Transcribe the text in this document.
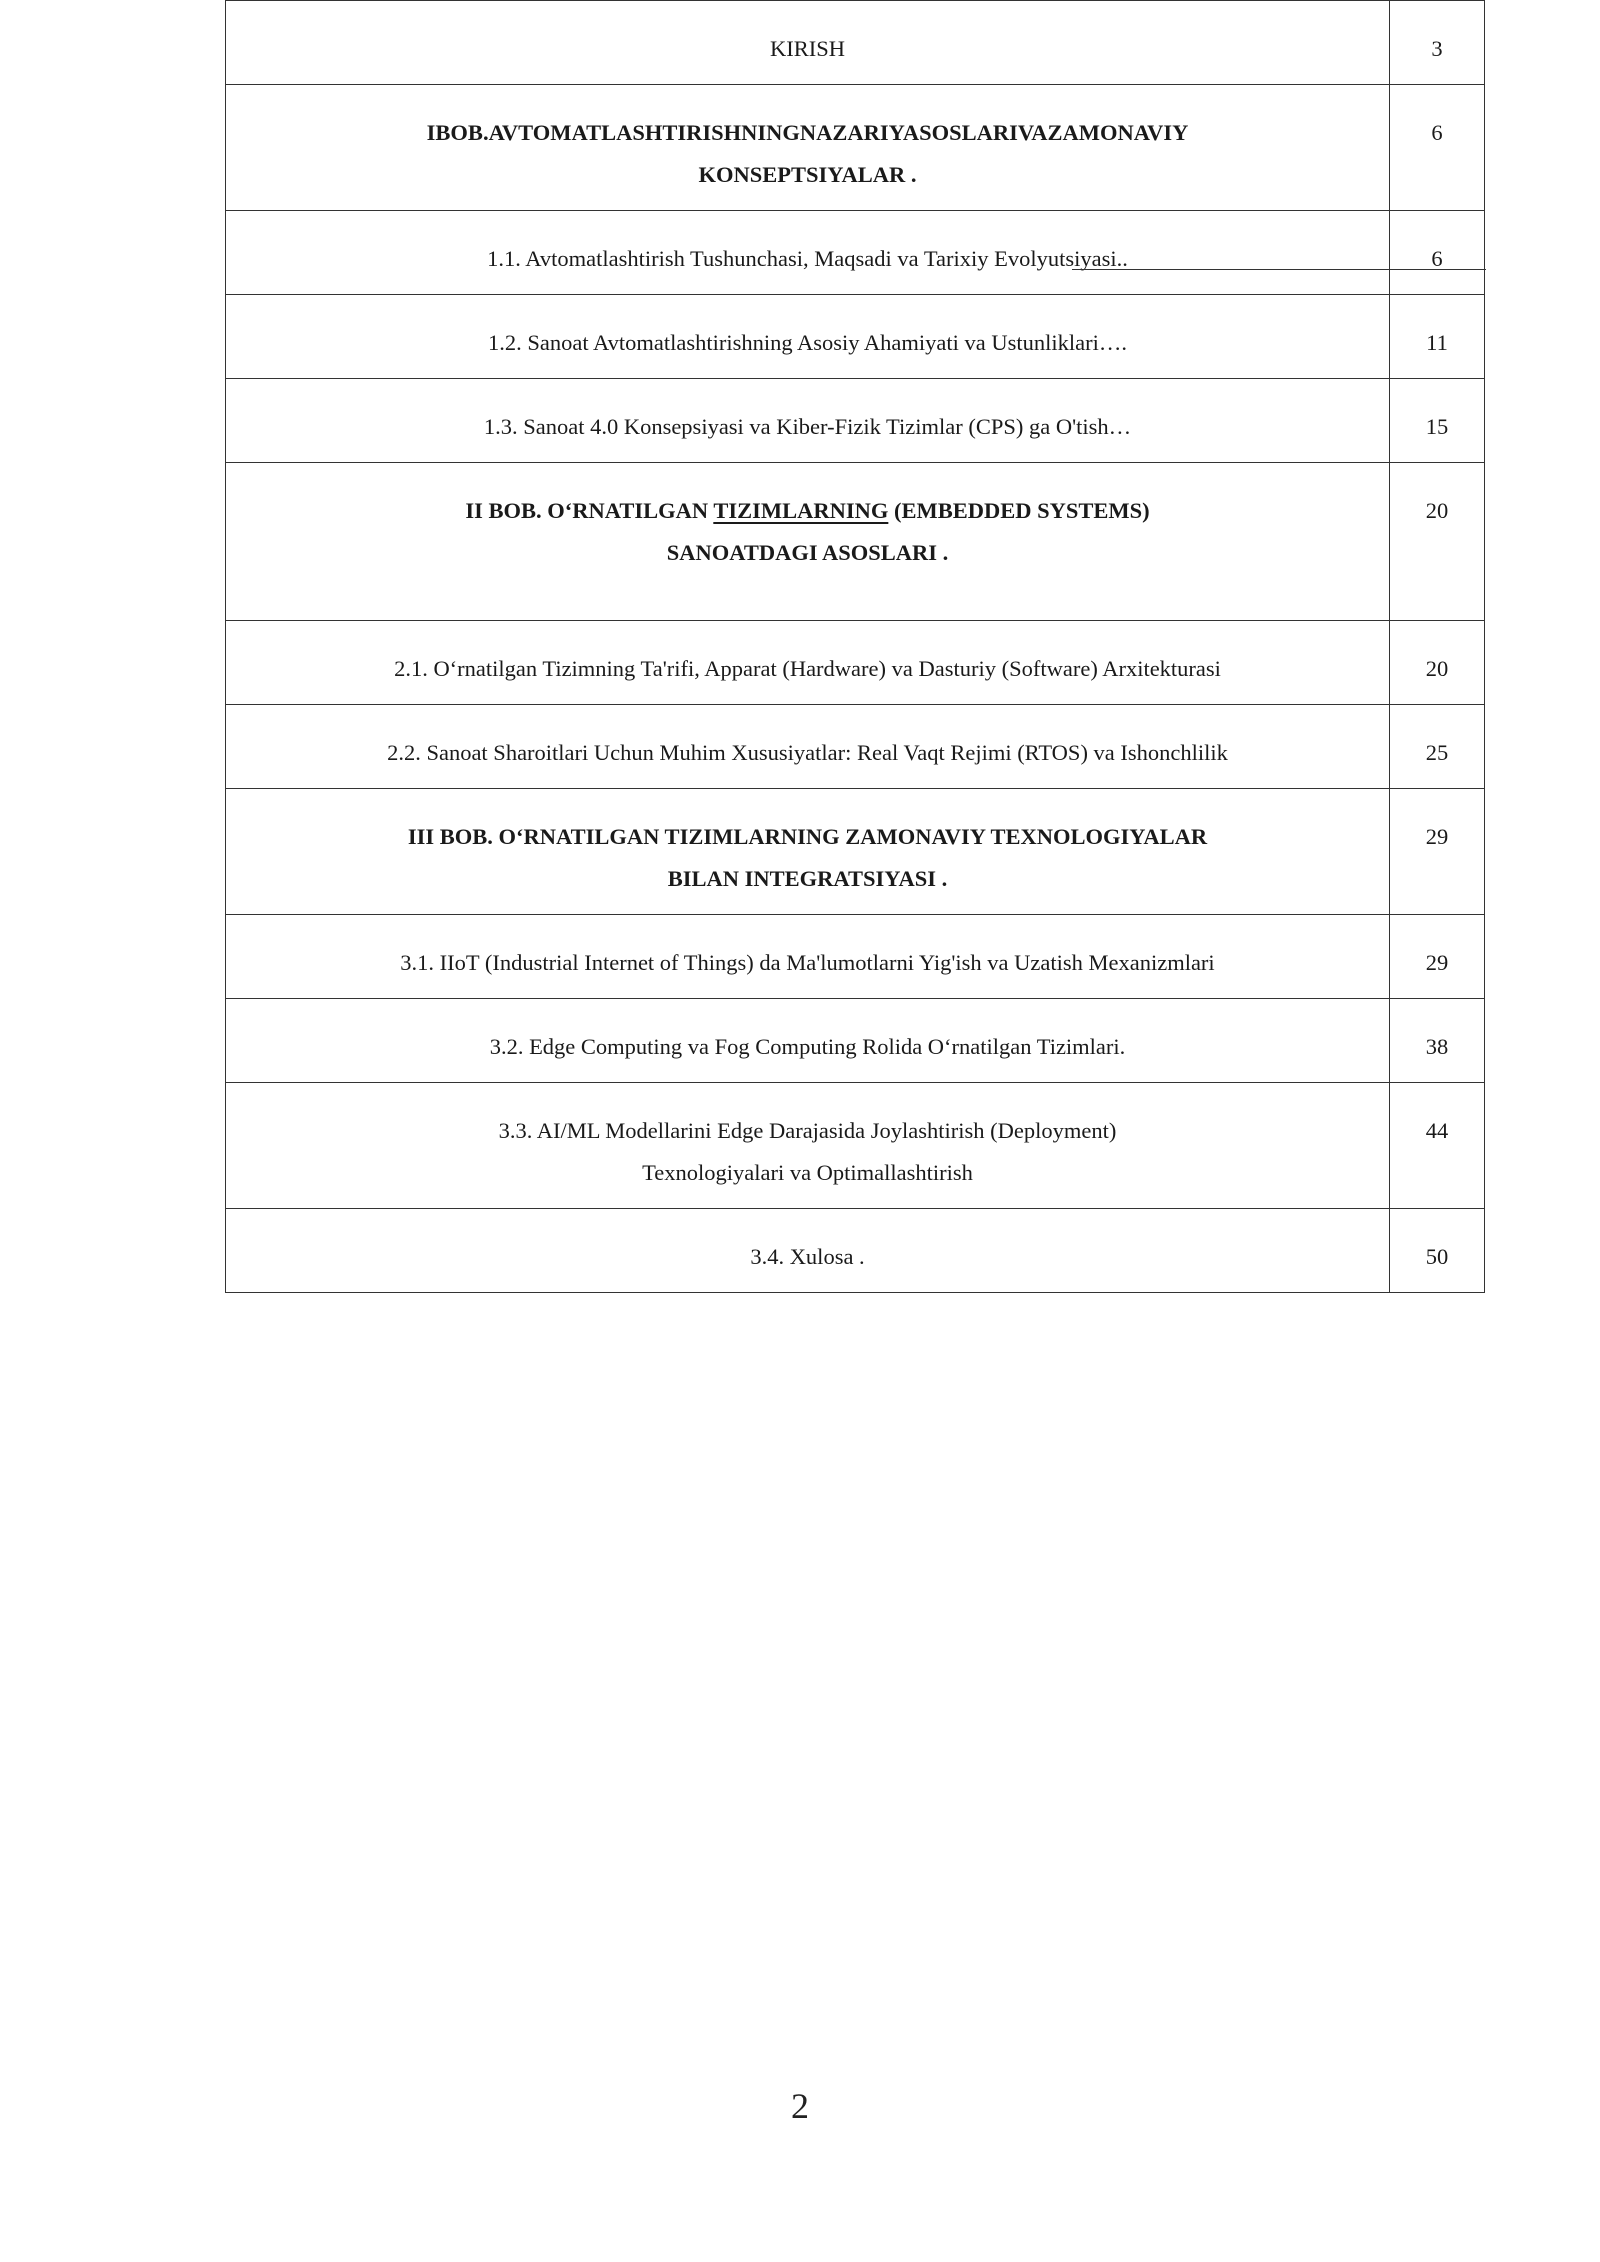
KIRISH	3

IBOB.AVTOMATLASHTIRISHNINGNAZARIYASOSLARIVAZAMONAVIY
KONSEPTSIYALAR .	6

1.1. Avtomatlashtirish Tushunchasi, Maqsadi va Tarixiy Evolyutsiyasi..	6

1.2. Sanoat Avtomatlashtirishning Asosiy Ahamiyati va Ustunliklari….	11

1.3. Sanoat 4.0 Konsepsiyasi va Kiber-Fizik Tizimlar (CPS) ga O'tish…	15

II BOB. O‘RNATILGAN TIZIMLARNING (EMBEDDED SYSTEMS)
SANOATDAGI ASOSLARI .	20

2.1. O‘rnatilgan Tizimning Ta'rifi, Apparat (Hardware) va Dasturiy (Software) Arxitekturasi	20

2.2. Sanoat Sharoitlari Uchun Muhim Xususiyatlar: Real Vaqt Rejimi (RTOS) va Ishonchlilik	25

III BOB. O‘RNATILGAN TIZIMLARNING ZAMONAVIY TEXNOLOGIYALAR
BILAN INTEGRATSIYASI .	29

3.1. IIoT (Industrial Internet of Things) da Ma'lumotlarni Yig'ish va Uzatish Mexanizmlari	29

3.2. Edge Computing va Fog Computing Rolida O‘rnatilgan Tizimlari.	38

3.3. AI/ML Modellarini Edge Darajasida Joylashtirish (Deployment)
Texnologiyalari va Optimallashtirish	44

3.4. Xulosa .	50
2
